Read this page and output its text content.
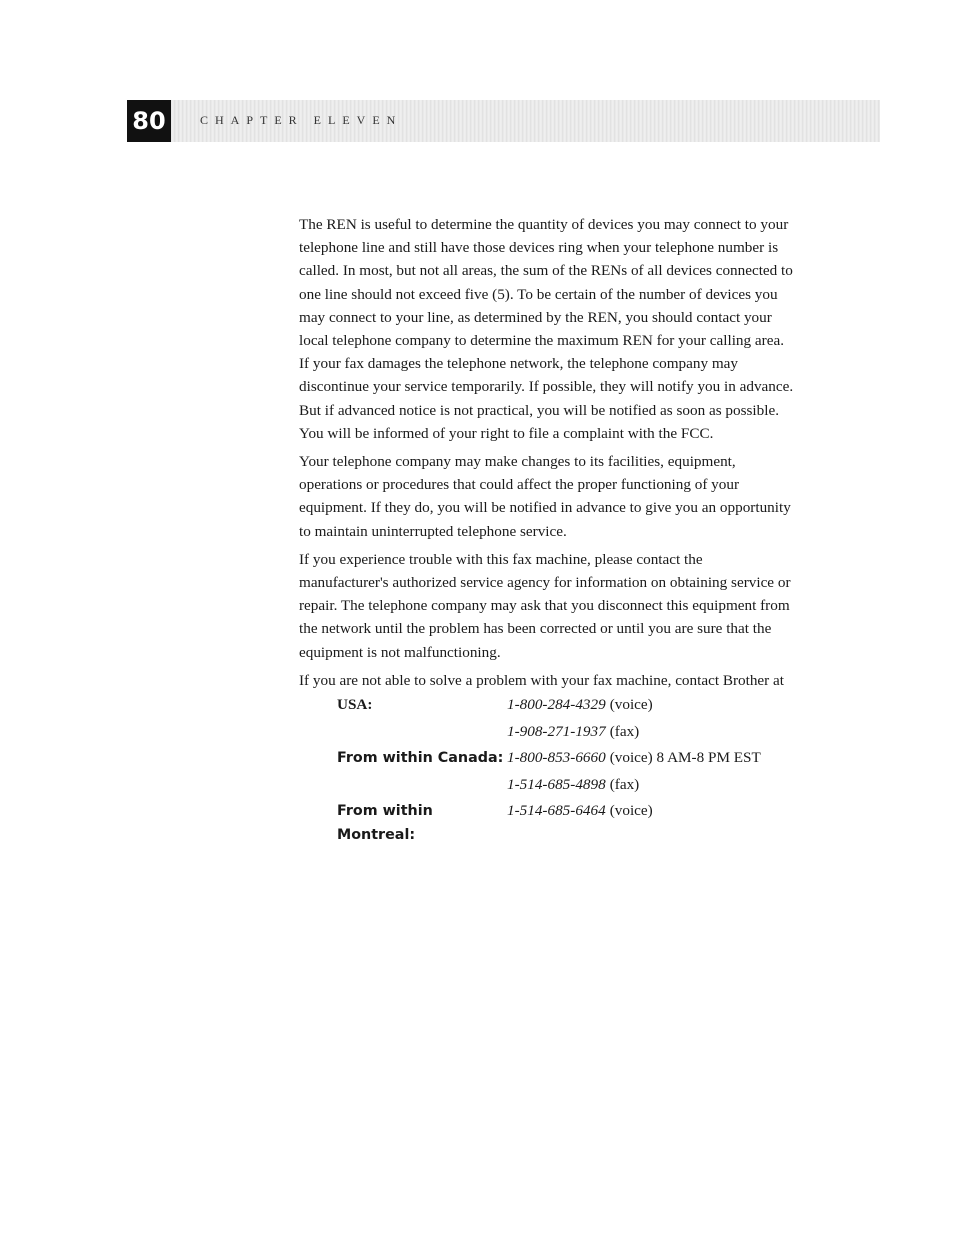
80	CHAPTER ELEVEN

The REN is useful to determine the quantity of devices you may connect to your telephone line and still have those devices ring when your telephone number is called. In most, but not all areas, the sum of the RENs of all devices connected to one line should not exceed five (5). To be certain of the number of devices you may connect to your line, as determined by the REN, you should contact your local telephone company to determine the maximum REN for your calling area. If your fax damages the telephone network, the telephone company may discontinue your service temporarily. If possible, they will notify you in advance. But if advanced notice is not practical, you will be notified as soon as possible. You will be informed of your right to file a complaint with the FCC.

Your telephone company may make changes to its facilities, equipment, operations or procedures that could affect the proper functioning of your equipment. If they do, you will be notified in advance to give you an opportunity to maintain uninterrupted telephone service.

If you experience trouble with this fax machine, please contact the manufacturer's authorized service agency for information on obtaining service or repair. The telephone company may ask that you disconnect this equipment from the network until the problem has been corrected or until you are sure that the equipment is not malfunctioning.

If you are not able to solve a problem with your fax machine, contact Brother at

USA:	1-800-284-4329 (voice)
1-908-271-1937 (fax)
From within Canada: 1-800-853-6660 (voice) 8 AM-8 PM EST
1-514-685-4898 (fax)
From within Montreal:
1-514-685-6464 (voice)
